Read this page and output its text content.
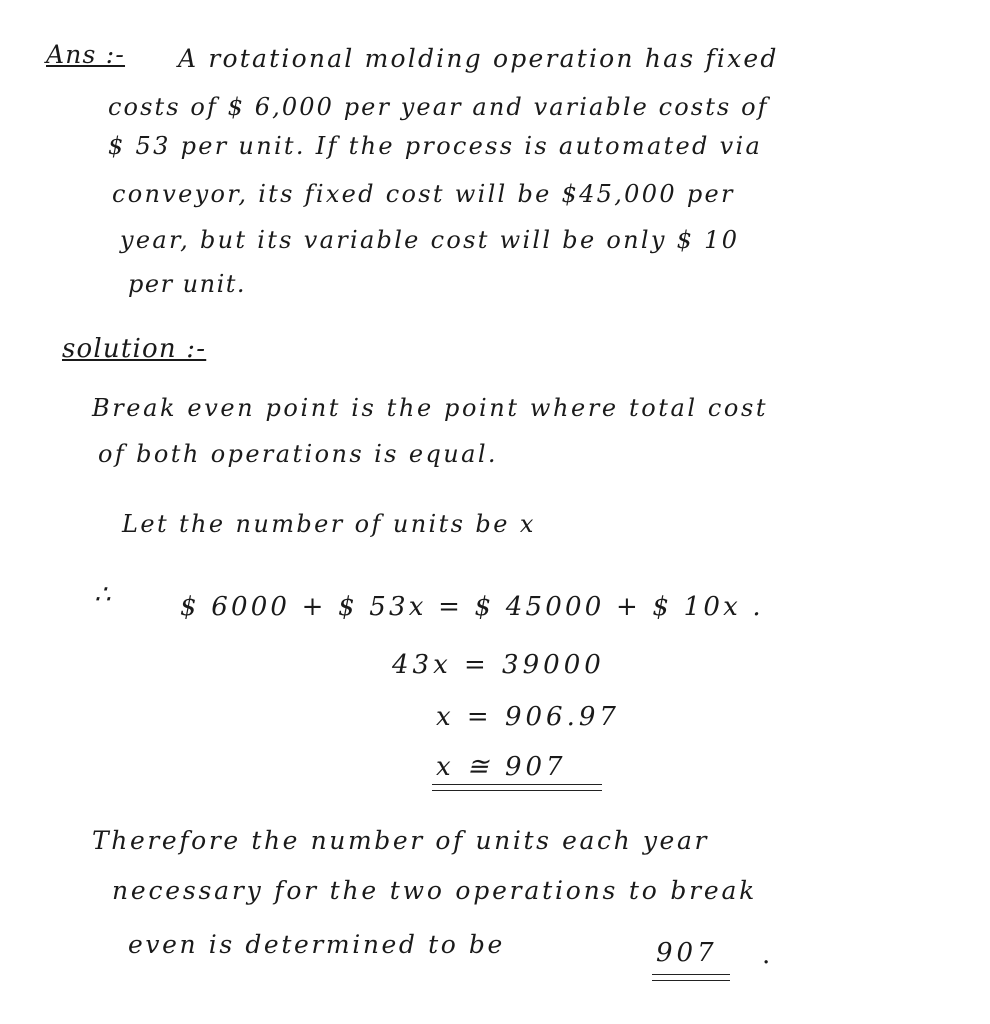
Ans :- A rotational molding operation has fixed
costs of $ 6,000 per year and variable costs of
$ 53 per unit. If the process is automated via
conveyor, its fixed cost will be $45,000 per
year, but its variable cost will be only $ 10
per unit.
solution :-
Break even point is the point where total cost
of both operations is equal.
Let the number of units be x
∴	$ 6000 + $ 53x = $ 45000 + $ 10x .
43x = 39000
x = 906.97
x ≅ 907
Therefore the number of units each year
necessary for the two operations to break
even is determined to be	907 .
